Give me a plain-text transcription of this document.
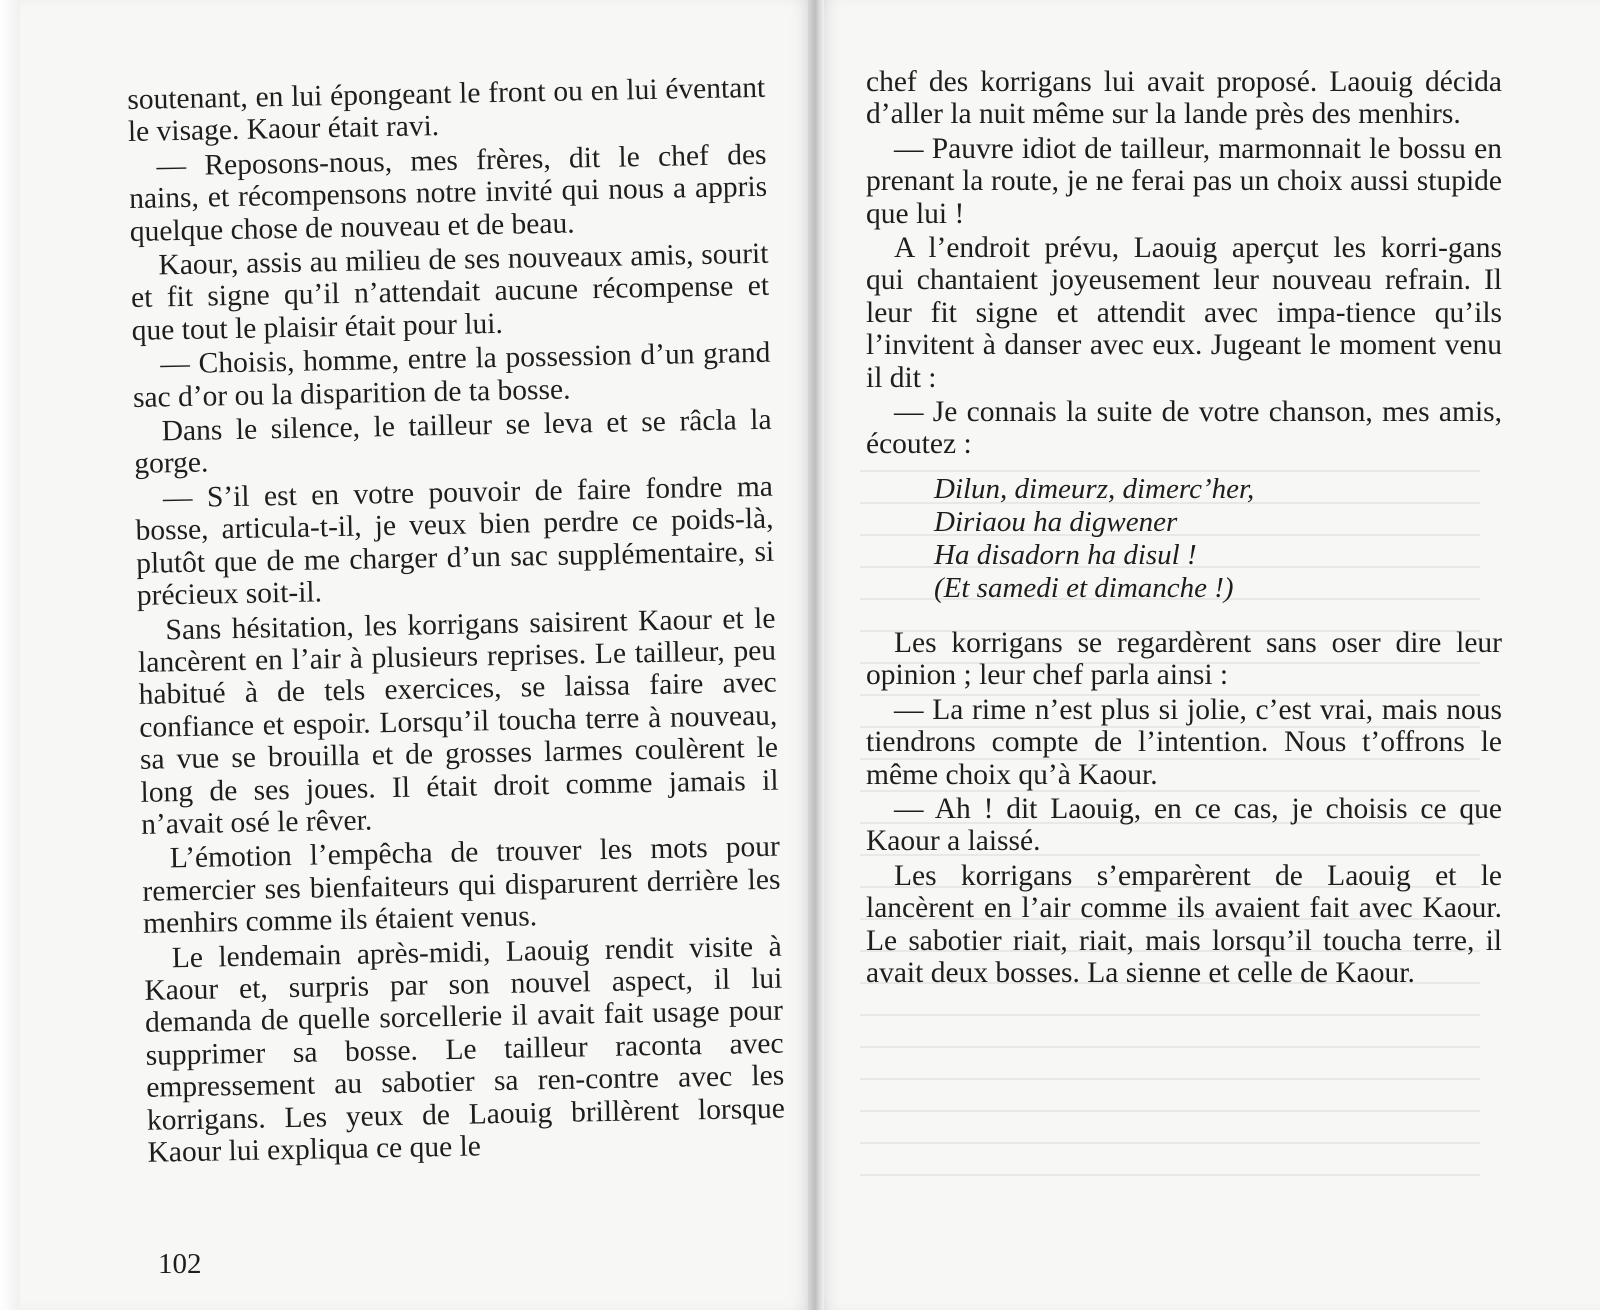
soutenant, en lui épongeant le front ou en lui éventant le visage. Kaour était ravi.

— Reposons-nous, mes frères, dit le chef des nains, et récompensons notre invité qui nous a appris quelque chose de nouveau et de beau.

Kaour, assis au milieu de ses nouveaux amis, sourit et fit signe qu’il n’attendait aucune récompense et que tout le plaisir était pour lui.

— Choisis, homme, entre la possession d’un grand sac d’or ou la disparition de ta bosse.

Dans le silence, le tailleur se leva et se râcla la gorge.

— S’il est en votre pouvoir de faire fondre ma bosse, articula-t-il, je veux bien perdre ce poids-là, plutôt que de me charger d’un sac supplémentaire, si précieux soit-il.

Sans hésitation, les korrigans saisirent Kaour et le lancèrent en l’air à plusieurs reprises. Le tailleur, peu habitué à de tels exercices, se laissa faire avec confiance et espoir. Lorsqu’il toucha terre à nouveau, sa vue se brouilla et de grosses larmes coulèrent le long de ses joues. Il était droit comme jamais il n’avait osé le rêver.

L’émotion l’empêcha de trouver les mots pour remercier ses bienfaiteurs qui disparurent derrière les menhirs comme ils étaient venus.

Le lendemain après-midi, Laouig rendit visite à Kaour et, surpris par son nouvel aspect, il lui demanda de quelle sorcellerie il avait fait usage pour supprimer sa bosse. Le tailleur raconta avec empressement au sabotier sa ren-contre avec les korrigans. Les yeux de Laouig brillèrent lorsque Kaour lui expliqua ce que le

102

chef des korrigans lui avait proposé. Laouig décida d’aller la nuit même sur la lande près des menhirs.

— Pauvre idiot de tailleur, marmonnait le bossu en prenant la route, je ne ferai pas un choix aussi stupide que lui !

A l’endroit prévu, Laouig aperçut les korri-gans qui chantaient joyeusement leur nouveau refrain. Il leur fit signe et attendit avec impa-tience qu’ils l’invitent à danser avec eux. Jugeant le moment venu il dit :

— Je connais la suite de votre chanson, mes amis, écoutez :

Dilun, dimeurz, dimerc’her,
Diriaou ha digwener
Ha disadorn ha disul !
(Et samedi et dimanche !)

Les korrigans se regardèrent sans oser dire leur opinion ; leur chef parla ainsi :

— La rime n’est plus si jolie, c’est vrai, mais nous tiendrons compte de l’intention. Nous t’offrons le même choix qu’à Kaour.

— Ah ! dit Laouig, en ce cas, je choisis ce que Kaour a laissé.

Les korrigans s’emparèrent de Laouig et le lancèrent en l’air comme ils avaient fait avec Kaour. Le sabotier riait, riait, mais lorsqu’il toucha terre, il avait deux bosses. La sienne et celle de Kaour.
